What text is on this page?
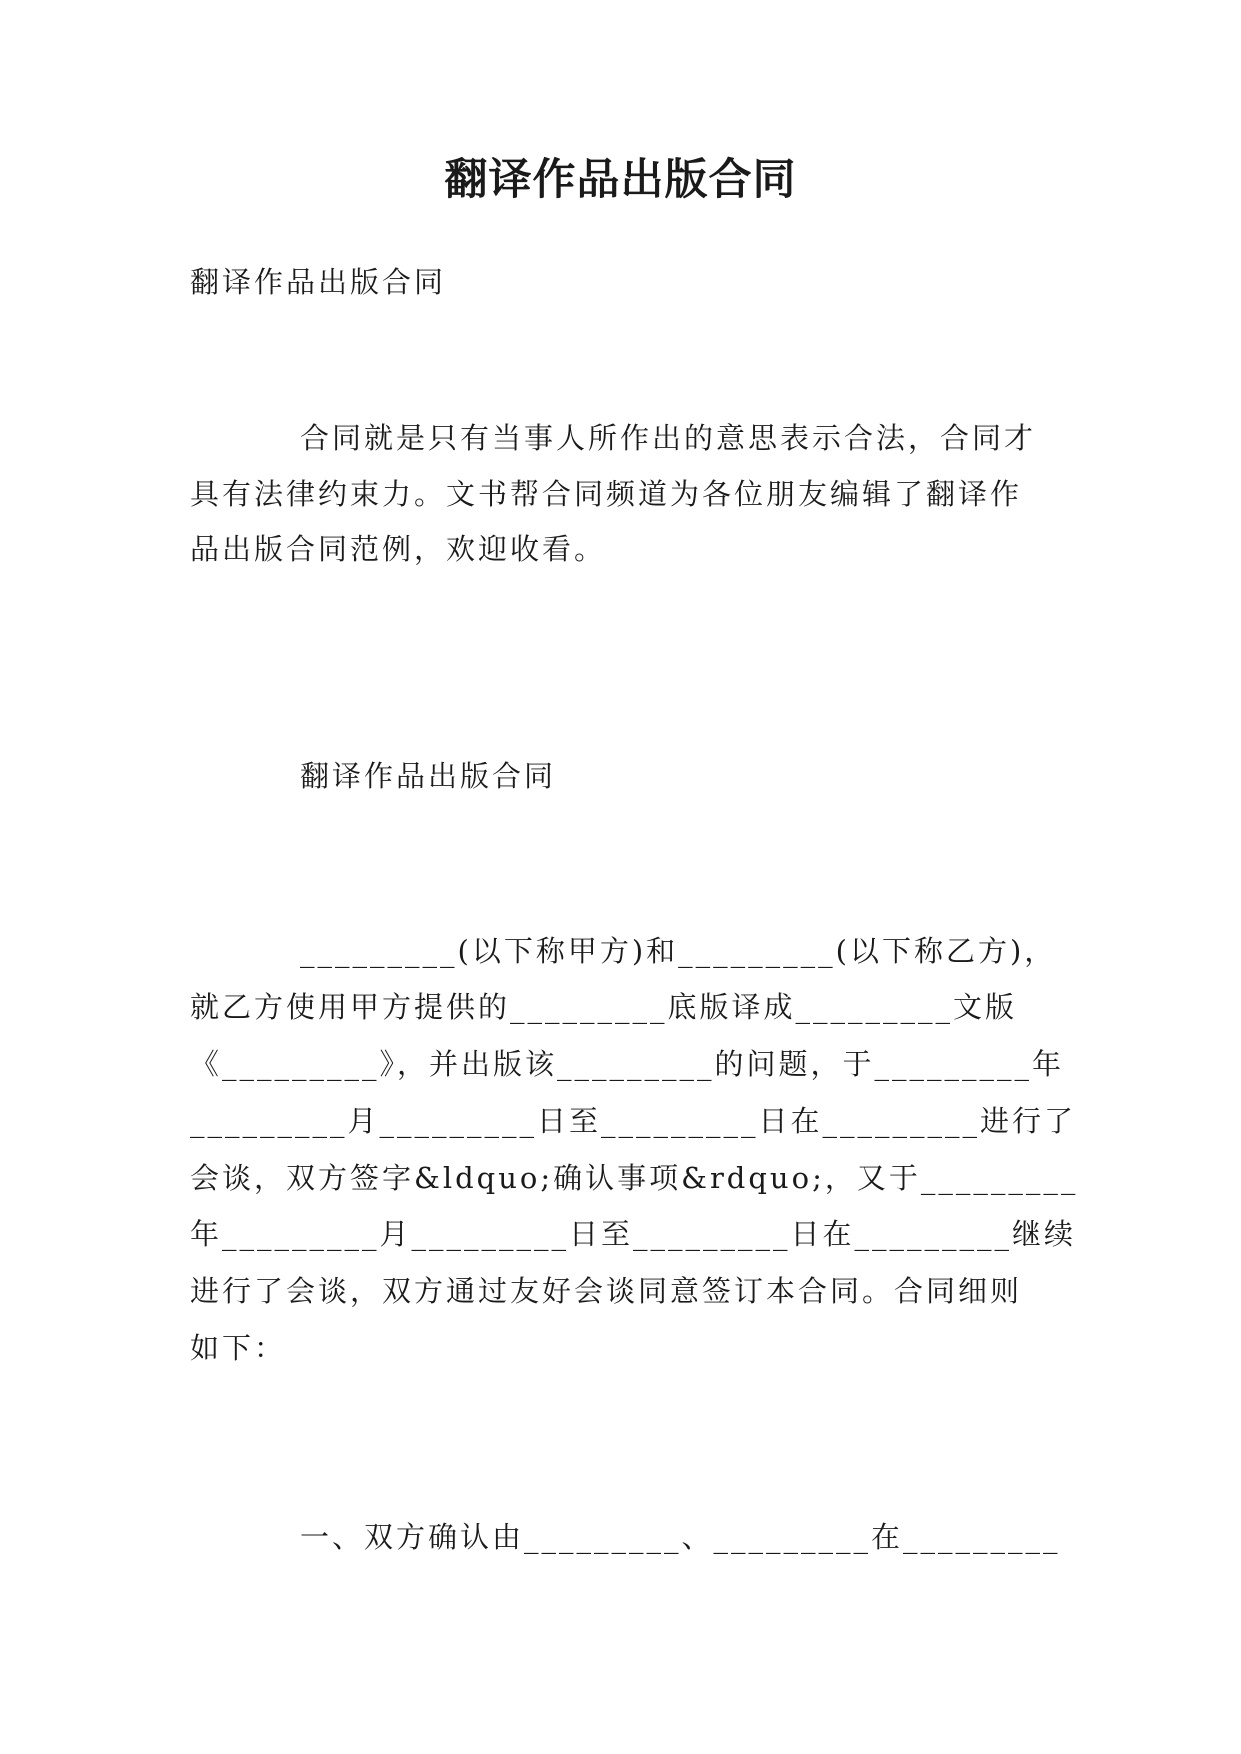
翻译作品出版合同
翻译作品出版合同
合同就是只有当事人所作出的意思表示合法，合同才
具有法律约束力。文书帮合同频道为各位朋友编辑了翻译作
品出版合同范例，欢迎收看。
翻译作品出版合同
_________(以下称甲方)和_________(以下称乙方)，
就乙方使用甲方提供的_________底版译成_________文版
《_________》，并出版该_________的问题，于_________年
_________月_________日至_________日在_________进行了
会谈，双方签字&ldquo;确认事项&rdquo;，又于_________
年_________月_________日至_________日在_________继续
进行了会谈，双方通过友好会谈同意签订本合同。合同细则
如下：
一、双方确认由_________、_________在_________
